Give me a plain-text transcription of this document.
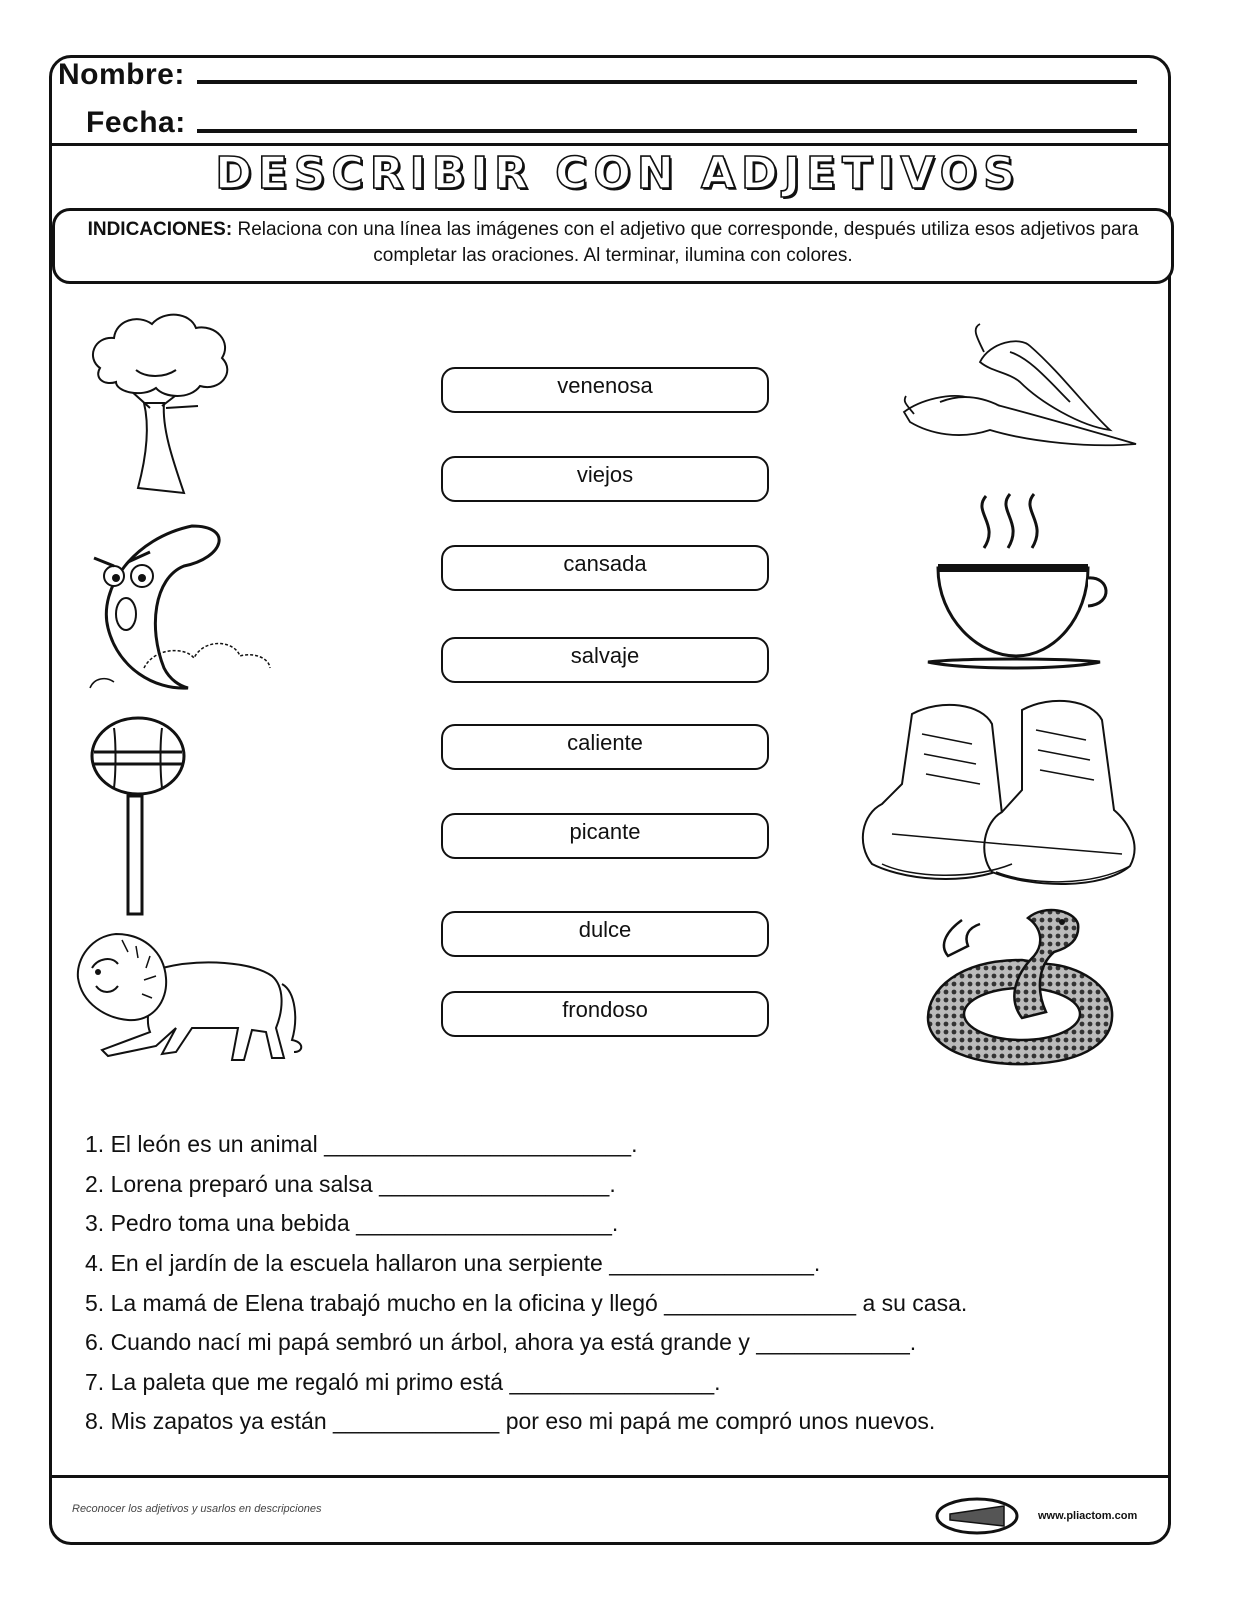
Nombre:
Fecha:
DESCRIBIR CON ADJETIVOS
INDICACIONES: Relaciona con una línea las imágenes con el adjetivo que corresponde, después utiliza esos adjetivos para completar las oraciones. Al terminar, ilumina con colores.
venenosa
viejos
cansada
salvaje
caliente
picante
dulce
frondoso
1. El león es un animal ________________________.
2. Lorena preparó una salsa __________________.
3. Pedro toma una bebida ____________________.
4. En el jardín de la escuela hallaron una serpiente ________________.
5. La mamá de Elena trabajó mucho en la oficina y llegó _______________ a su casa.
6. Cuando nací mi papá sembró un árbol, ahora ya está grande y ____________.
7. La paleta que me regaló mi primo está ________________.
8. Mis zapatos ya están _____________ por eso mi papá me compró unos nuevos.
Reconocer los adjetivos y usarlos en descripciones
www.pliactom.com
